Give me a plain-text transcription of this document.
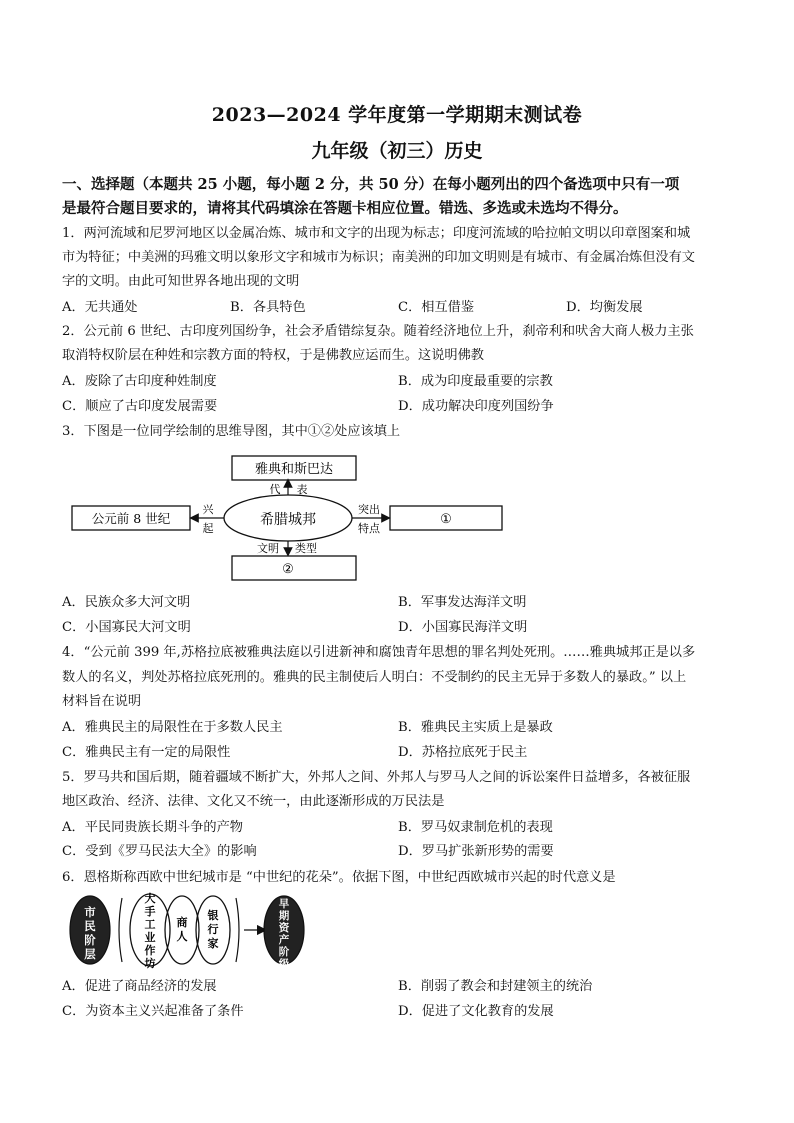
2023—2024 学年度第一学期期末测试卷
九年级（初三）历史
一、选择题（本题共 25 小题，每小题 2 分，共 50 分）在每小题列出的四个备选项中只有一项
是最符合题目要求的，请将其代码填涂在答题卡相应位置。错选、多选或未选均不得分。
1．两河流域和尼罗河地区以金属冶炼、城市和文字的出现为标志；印度河流域的哈拉帕文明以印章图案和城
市为特征；中美洲的玛雅文明以象形文字和城市为标识；南美洲的印加文明则是有城市、有金属冶炼但没有文
字的文明。由此可知世界各地出现的文明
A．无共通处	B．各具特色	C．相互借鉴	D．均衡发展
2．公元前 6 世纪、古印度列国纷争，社会矛盾错综复杂。随着经济地位上升，刹帝利和吠舍大商人极力主张
取消特权阶层在种姓和宗教方面的特权，于是佛教应运而生。这说明佛教
A．废除了古印度种姓制度	B．成为印度最重要的宗教
C．顺应了古印度发展需要	D．成功解决印度列国纷争
3．下图是一位同学绘制的思维导图，其中①②处应该填上
雅典和斯巴达
公元前 8 世纪	希腊城邦	①
②
代 表
兴
起
突出
特点
文明 类型
A．民族众多大河文明	B．军事发达海洋文明
C．小国寡民大河文明	D．小国寡民海洋文明
4．“公元前 399 年,苏格拉底被雅典法庭以引进新神和腐蚀青年思想的罪名判处死刑。……雅典城邦正是以多
数人的名义，判处苏格拉底死刑的。雅典的民主制使后人明白：不受制约的民主无异于多数人的暴政。” 以上
材料旨在说明
A．雅典民主的局限性在于多数人民主	B．雅典民主实质上是暴政
C．雅典民主有一定的局限性	D．苏格拉底死于民主
5．罗马共和国后期，随着疆域不断扩大，外邦人之间、外邦人与罗马人之间的诉讼案件日益增多，各被征服
地区政治、经济、法律、文化又不统一，由此逐渐形成的万民法是
A．平民同贵族长期斗争的产物	B．罗马奴隶制危机的表现
C．受到《罗马民法大全》的影响	D．罗马扩张新形势的需要
6．恩格斯称西欧中世纪城市是 “中世纪的花朵”。依据下图，中世纪西欧城市兴起的时代意义是
市
民
阶
层
大
手
工
业
作
坊
商
人
银
行
家
早
期
资
产
阶
级
A．促进了商品经济的发展	B．削弱了教会和封建领主的统治
C．为资本主义兴起准备了条件	D．促进了文化教育的发展
